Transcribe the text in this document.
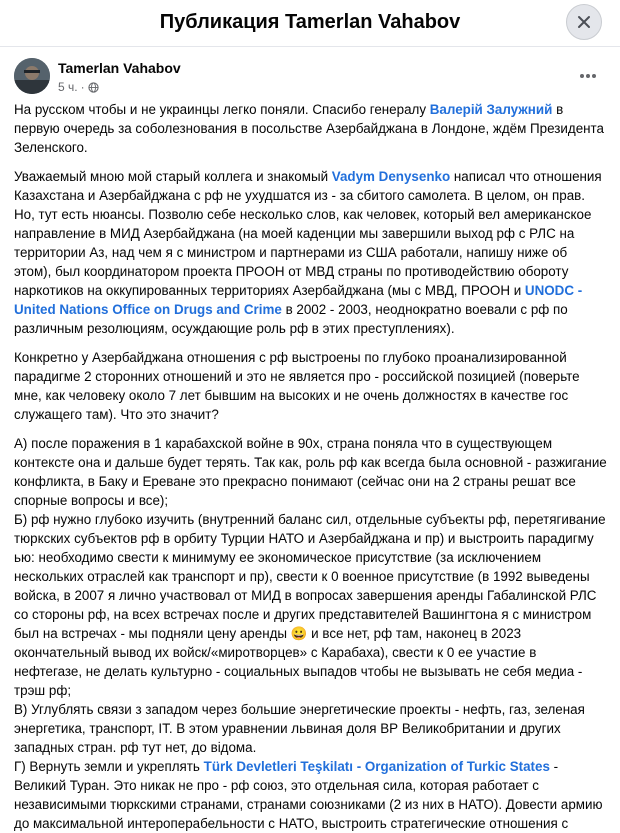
Публикация Tamerlan Vahabov
Tamerlan Vahabov
5 ч. ·

На русском чтобы и не украинцы легко поняли. Спасибо генералу Валерій Залужний в первую очередь за соболезнования в посольстве Азербайджана в Лондоне, ждём Президента Зеленского.

Уважаемый мною мой старый коллега и знакомый Vadym Denysenko написал что отношения Казахстана и Азербайджана с рф не ухудшатся из - за сбитого самолета. В целом, он прав. Но, тут есть нюансы. Позволю себе несколько слов, как человек, который вел американское направление в МИД Азербайджана (на моей каденции мы завершили выход рф с РЛС на территории Аз, над чем я с министром и партнерами из США работали, напишу ниже об этом), был координатором проекта ПРООН от МВД страны по противодействию обороту наркотиков на оккупированных территориях Азербайджана (мы с МВД, ПРООН и UNODC - United Nations Office on Drugs and Crime в 2002 - 2003, неоднократно воевали с рф по различным резолюциям, осуждающие роль рф в этих преступлениях).

Конкретно у Азербайджана отношения с рф выстроены по глубоко проанализированной парадигме 2 сторонних отношений и это не является про - российской позицией (поверьте мне, как человеку около 7 лет бывшим на высоких и не очень должностях в качестве гос служащего там). Что это значит?

А) после поражения в 1 карабахской войне в 90х, страна поняла что в существующем контексте она и дальше будет терять. Так как, роль рф как всегда была основной - разжигание конфликта, в Баку и Ереване это прекрасно понимают (сейчас они на 2 страны решат все спорные вопросы и все);

Б) рф нужно глубоко изучить (внутренний баланс сил, отдельные субъекты рф, перетягивание тюркских субъектов рф в орбиту Турции НАТО и Азербайджана и пр) и выстроить парадигму ью: необходимо свести к минимуму ее экономическое присутствие (за исключением нескольких отраслей как транспорт и пр), свести к 0 военное присутствие (в 1992 выведены войска, в 2007 я лично участвовал от МИД в вопросах завершения аренды Габалинской РЛС со стороны рф, на всех встречах после и других представителей Вашингтона я с министром был на встречах - мы подняли цену аренды 😀 и все нет, рф там, наконец в 2023 окончательный вывод их войск/«миротворцев» с Карабаха), свести к 0 ее участие в нефтегазе, не делать культурно - социальных выпадов чтобы не вызывать не себя медиа - трэш рф;

В) Углублять связи з западом через большие энергетические проекты - нефть, газ, зеленая энергетика, транспорт, IT. В этом уравнении львиная доля ВР Великобритании и других западных стран. рф тут нет, до відома.

Г) Вернуть земли и укреплять Türk Devletleri Teşkilatı - Organization of Turkic States - Великий Туран. Это никак не про - рф союз, это отдельная сила, которая работает с независимыми тюркскими странами, странами союзниками (2 из них в НАТО). Довести армию до максимальной интероперабельности с НАТО, выстроить стратегические отношения с
